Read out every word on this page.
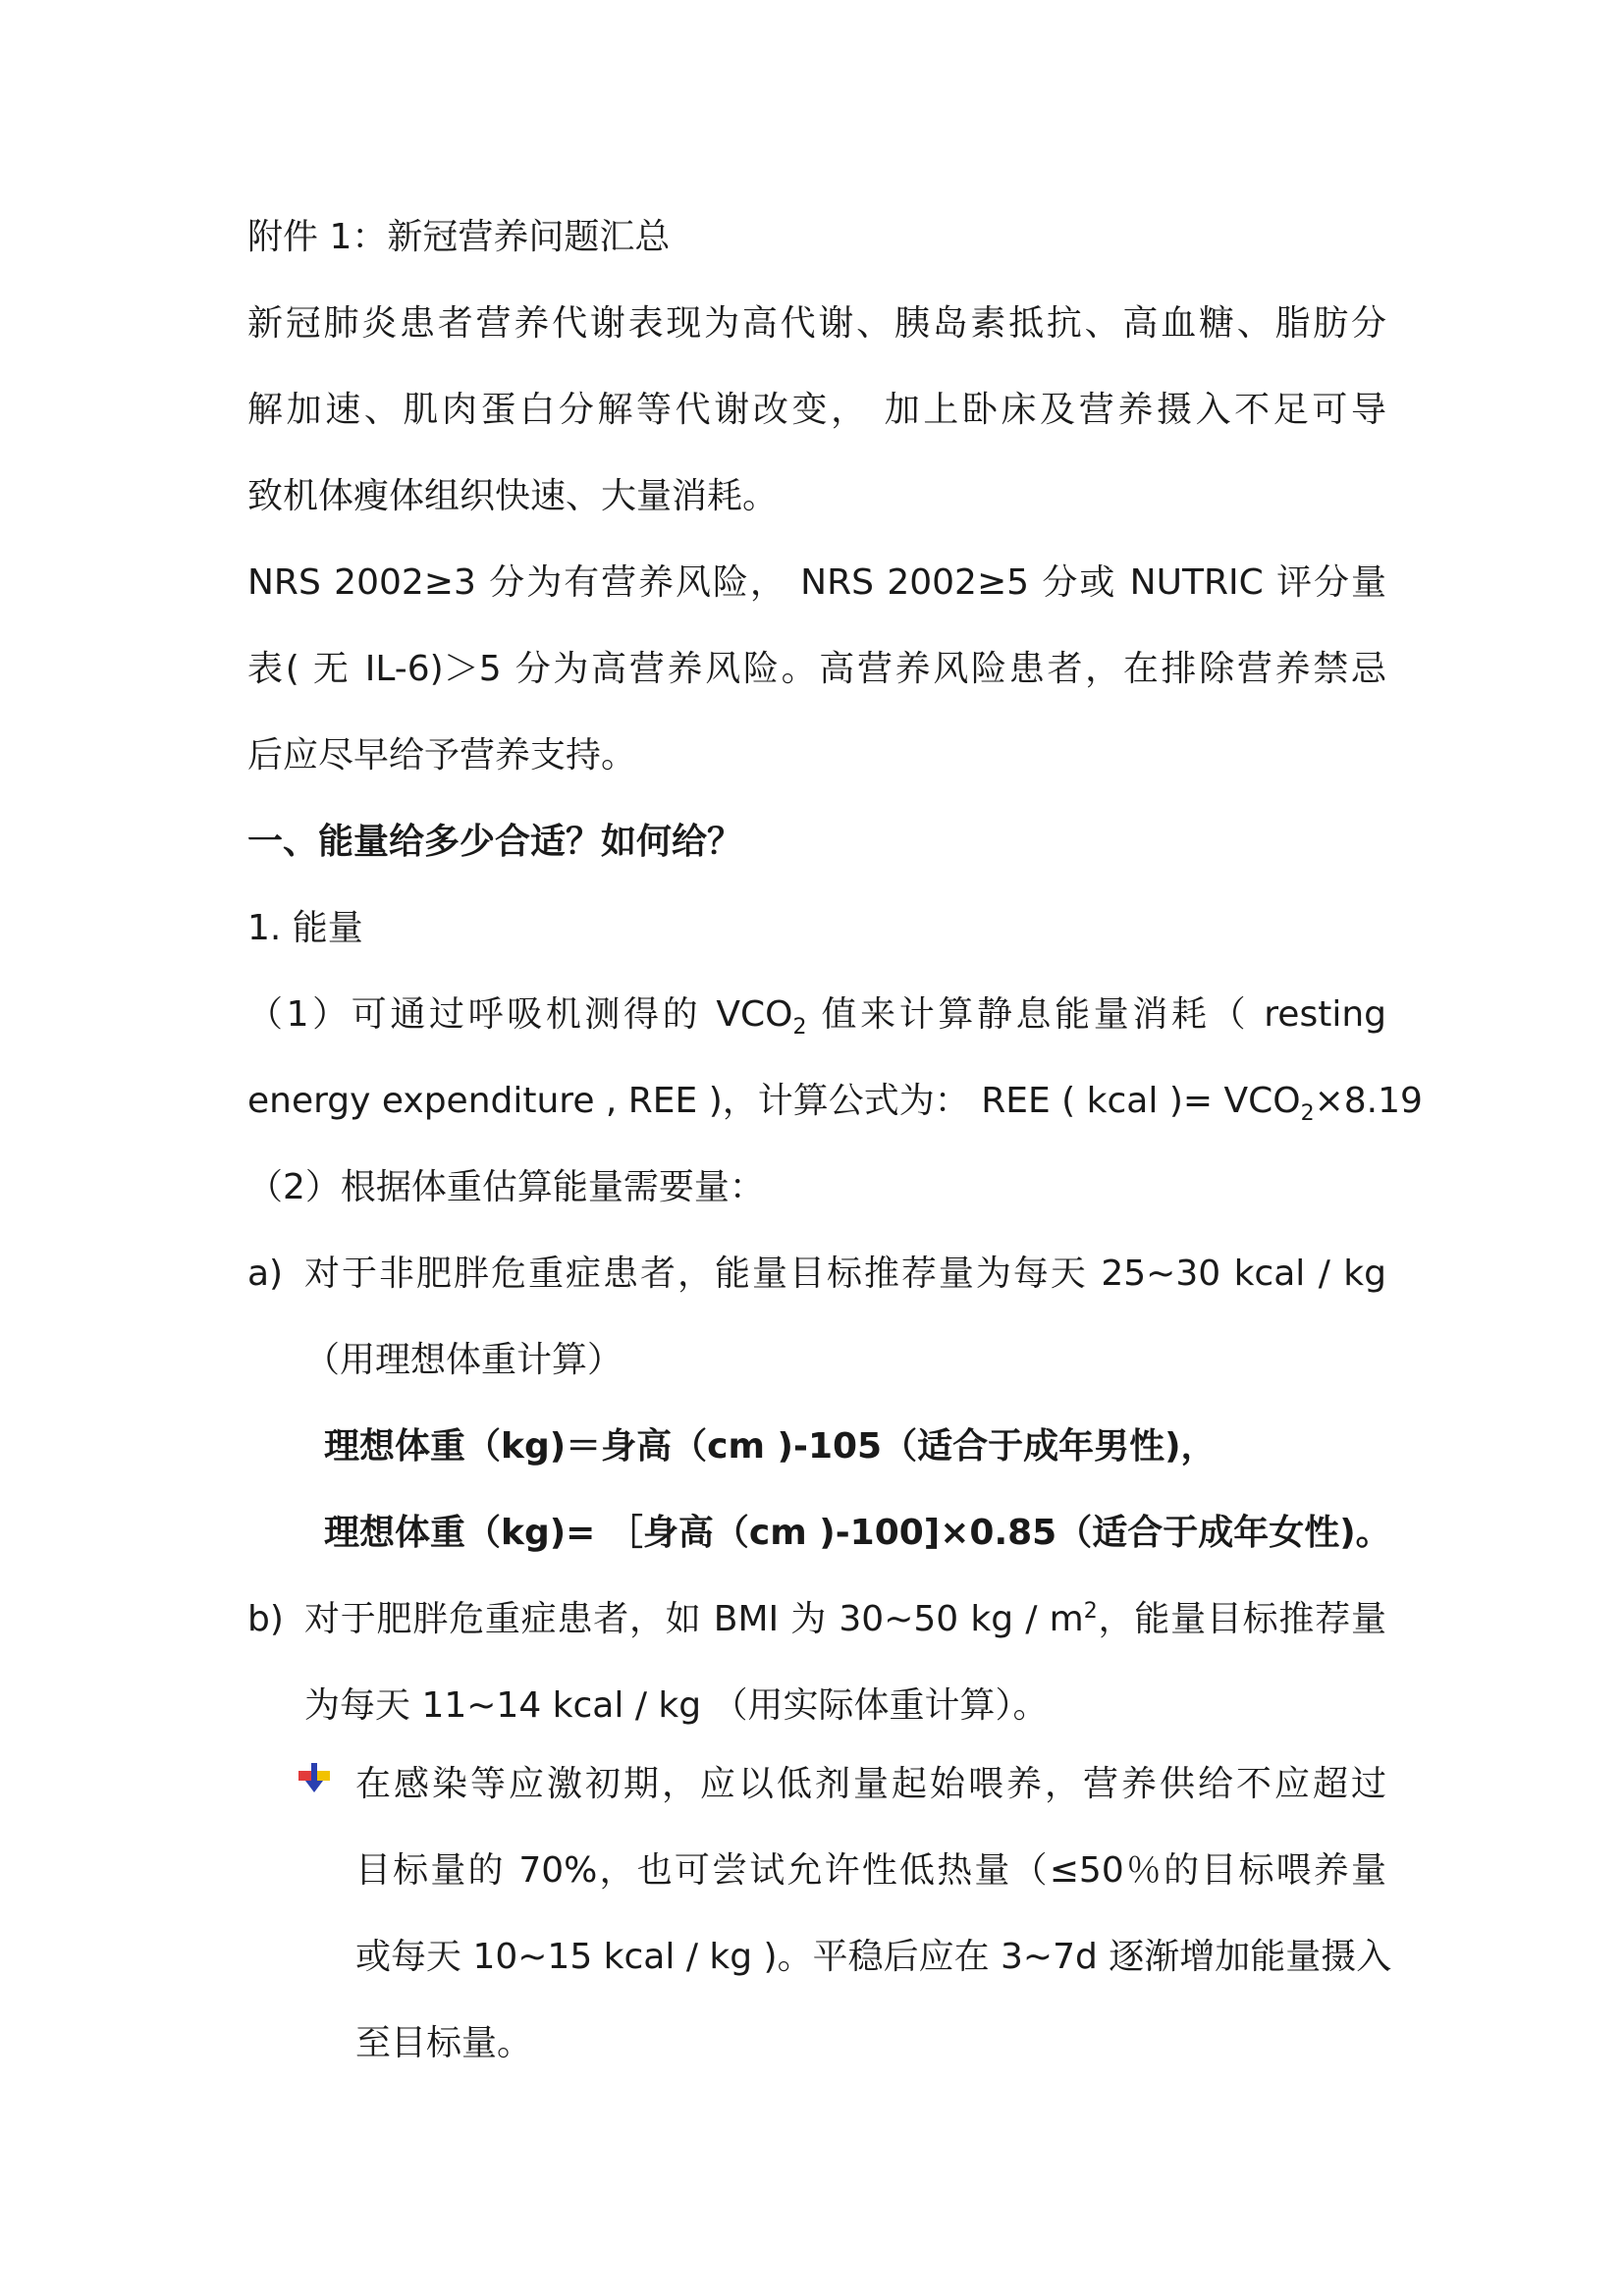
附件 1：新冠营养问题汇总
新冠肺炎患者营养代谢表现为高代谢、胰岛素抵抗、高血糖、脂肪分
解加速、肌肉蛋白分解等代谢改变， 加上卧床及营养摄入不足可导
致机体瘦体组织快速、大量消耗。
NRS 2002≥3 分为有营养风险， NRS 2002≥5 分或 NUTRIC 评分量
表( 无 IL-6)＞5 分为高营养风险。高营养风险患者，在排除营养禁忌
后应尽早给予营养支持。
一、能量给多少合适？如何给？
1. 能量
（1）可通过呼吸机测得的 $VCO_2$ 值来计算静息能量消耗（ resting
energy expenditure , REE )，计算公式为： REE ( kcal )= $VCO_2\times 8.19$
（2）根据体重估算能量需要量：
a) 对于非肥胖危重症患者，能量目标推荐量为每天 25~30 kcal / kg
（用理想体重计算）
理想体重（kg)＝身高（cm )-105（适合于成年男性)，
理想体重（kg)= ［身高（cm )-100]×0.85（适合于成年女性)。
b) 对于肥胖危重症患者，如 BMI 为 30~50 kg / $m^2$，能量目标推荐量
为每天 11~14 kcal / kg （用实际体重计算）。
在感染等应激初期，应以低剂量起始喂养，营养供给不应超过
目标量的 70%，也可尝试允许性低热量（≤50％的目标喂养量
或每天 10~15 kcal / kg )。平稳后应在 3~7d 逐渐增加能量摄入
至目标量。
